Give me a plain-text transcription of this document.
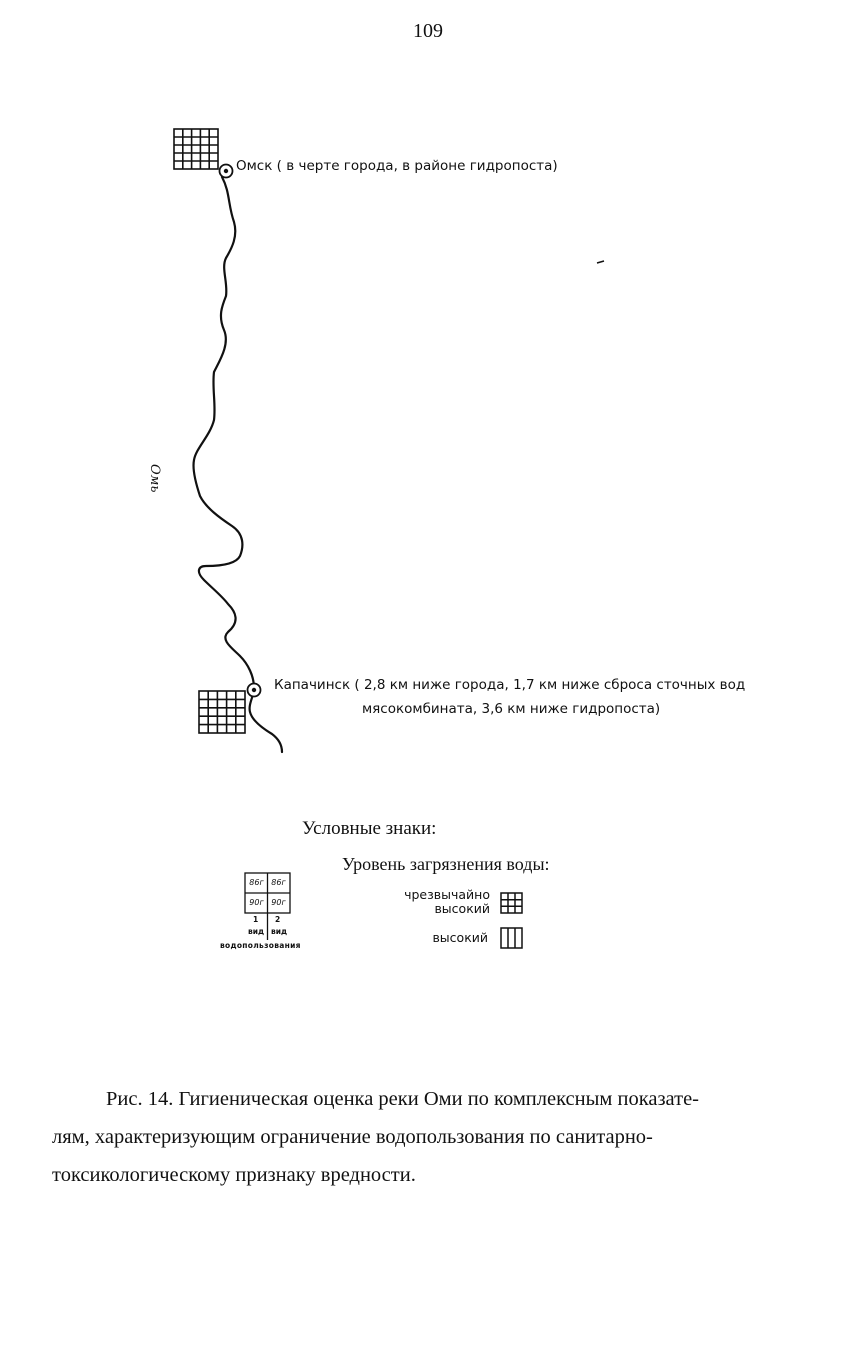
109
Омь
Омск ( в черте города, в районе гидропоста)
Капачинск ( 2,8 км ниже города, 1,7 км ниже сброса сточных вод
мясокомбината, 3,6 км ниже гидропоста)
Условные знаки:
Уровень загрязнения воды:
чрезвычайно
высокий
высокий
86г 86г
90г 90г
1 2
вид вид
водопользования
Рис. 14. Гигиеническая оценка реки Оми по комплексным показате-
лям, характеризующим ограничение водопользования по санитарно-
токсикологическому признаку вредности.
